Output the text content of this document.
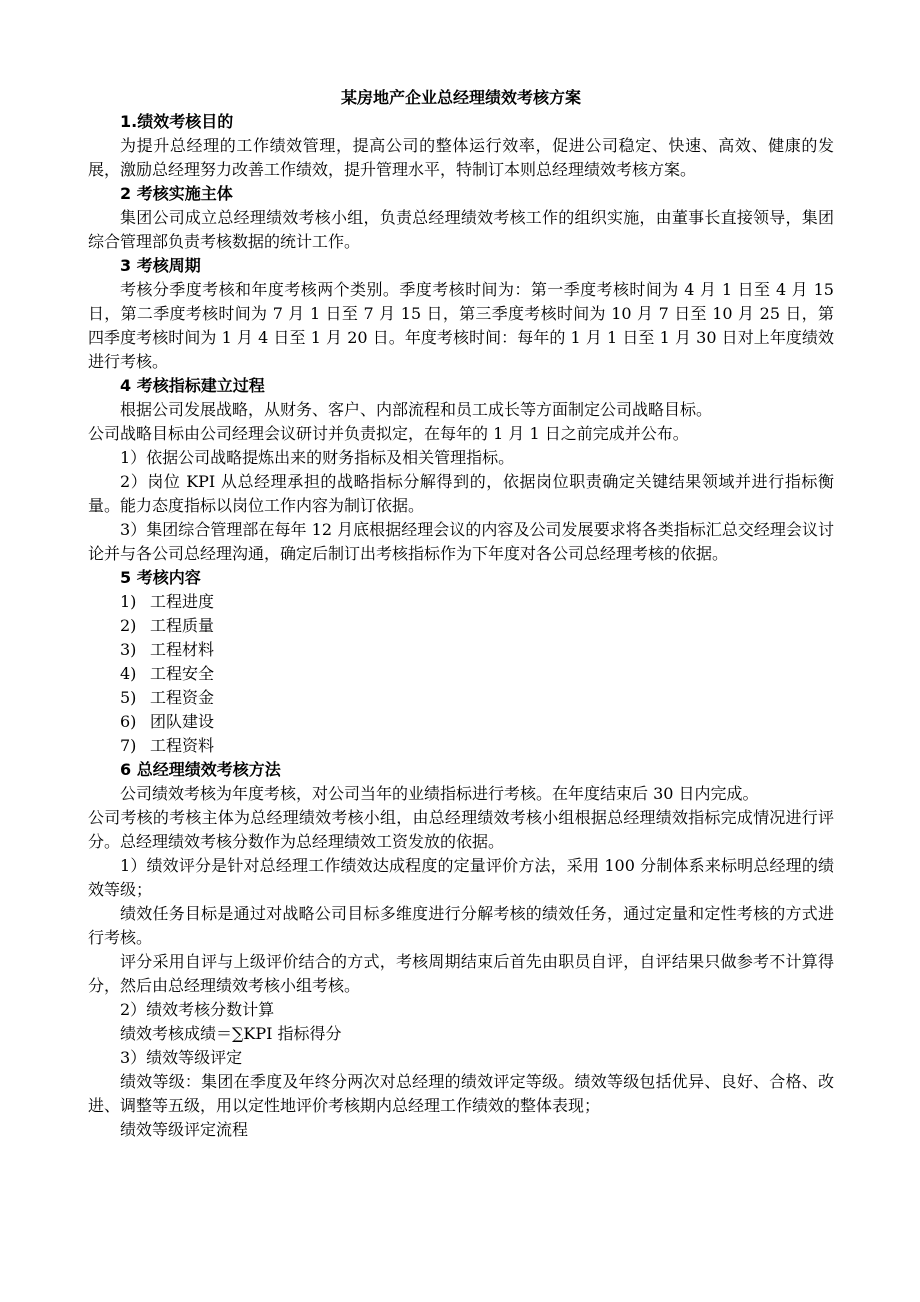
某房地产企业总经理绩效考核方案

1.绩效考核目的

为提升总经理的工作绩效管理，提高公司的整体运行效率，促进公司稳定、快速、高效、健康的发展，激励总经理努力改善工作绩效，提升管理水平，特制订本则总经理绩效考核方案。

2 考核实施主体

集团公司成立总经理绩效考核小组，负责总经理绩效考核工作的组织实施，由董事长直接领导，集团综合管理部负责考核数据的统计工作。

3 考核周期

考核分季度考核和年度考核两个类别。季度考核时间为：第一季度考核时间为 4 月 1 日至 4 月 15 日，第二季度考核时间为 7 月 1 日至 7 月 15 日，第三季度考核时间为 10 月 7 日至 10 月 25 日，第四季度考核时间为 1 月 4 日至 1 月 20 日。年度考核时间：每年的 1 月 1 日至 1 月 30 日对上年度绩效进行考核。

4 考核指标建立过程

根据公司发展战略，从财务、客户、内部流程和员工成长等方面制定公司战略目标。

公司战略目标由公司经理会议研讨并负责拟定，在每年的 1 月 1 日之前完成并公布。

1）依据公司战略提炼出来的财务指标及相关管理指标。

2）岗位 KPI 从总经理承担的战略指标分解得到的，依据岗位职责确定关键结果领域并进行指标衡量。能力态度指标以岗位工作内容为制订依据。

3）集团综合管理部在每年 12 月底根据经理会议的内容及公司发展要求将各类指标汇总交经理会议讨论并与各公司总经理沟通，确定后制订出考核指标作为下年度对各公司总经理考核的依据。

5 考核内容

1) 工程进度
2) 工程质量
3) 工程材料
4) 工程安全
5) 工程资金
6) 团队建设
7) 工程资料

6 总经理绩效考核方法

公司绩效考核为年度考核，对公司当年的业绩指标进行考核。在年度结束后 30 日内完成。

公司考核的考核主体为总经理绩效考核小组，由总经理绩效考核小组根据总经理绩效指标完成情况进行评分。总经理绩效考核分数作为总经理绩效工资发放的依据。

1）绩效评分是针对总经理工作绩效达成程度的定量评价方法，采用 100 分制体系来标明总经理的绩效等级；

绩效任务目标是通过对战略公司目标多维度进行分解考核的绩效任务，通过定量和定性考核的方式进行考核。

评分采用自评与上级评价结合的方式，考核周期结束后首先由职员自评，自评结果只做参考不计算得分，然后由总经理绩效考核小组考核。

2）绩效考核分数计算

绩效考核成绩＝∑KPI 指标得分

3）绩效等级评定

绩效等级：集团在季度及年终分两次对总经理的绩效评定等级。绩效等级包括优异、良好、合格、改进、调整等五级，用以定性地评价考核期内总经理工作绩效的整体表现；

绩效等级评定流程
